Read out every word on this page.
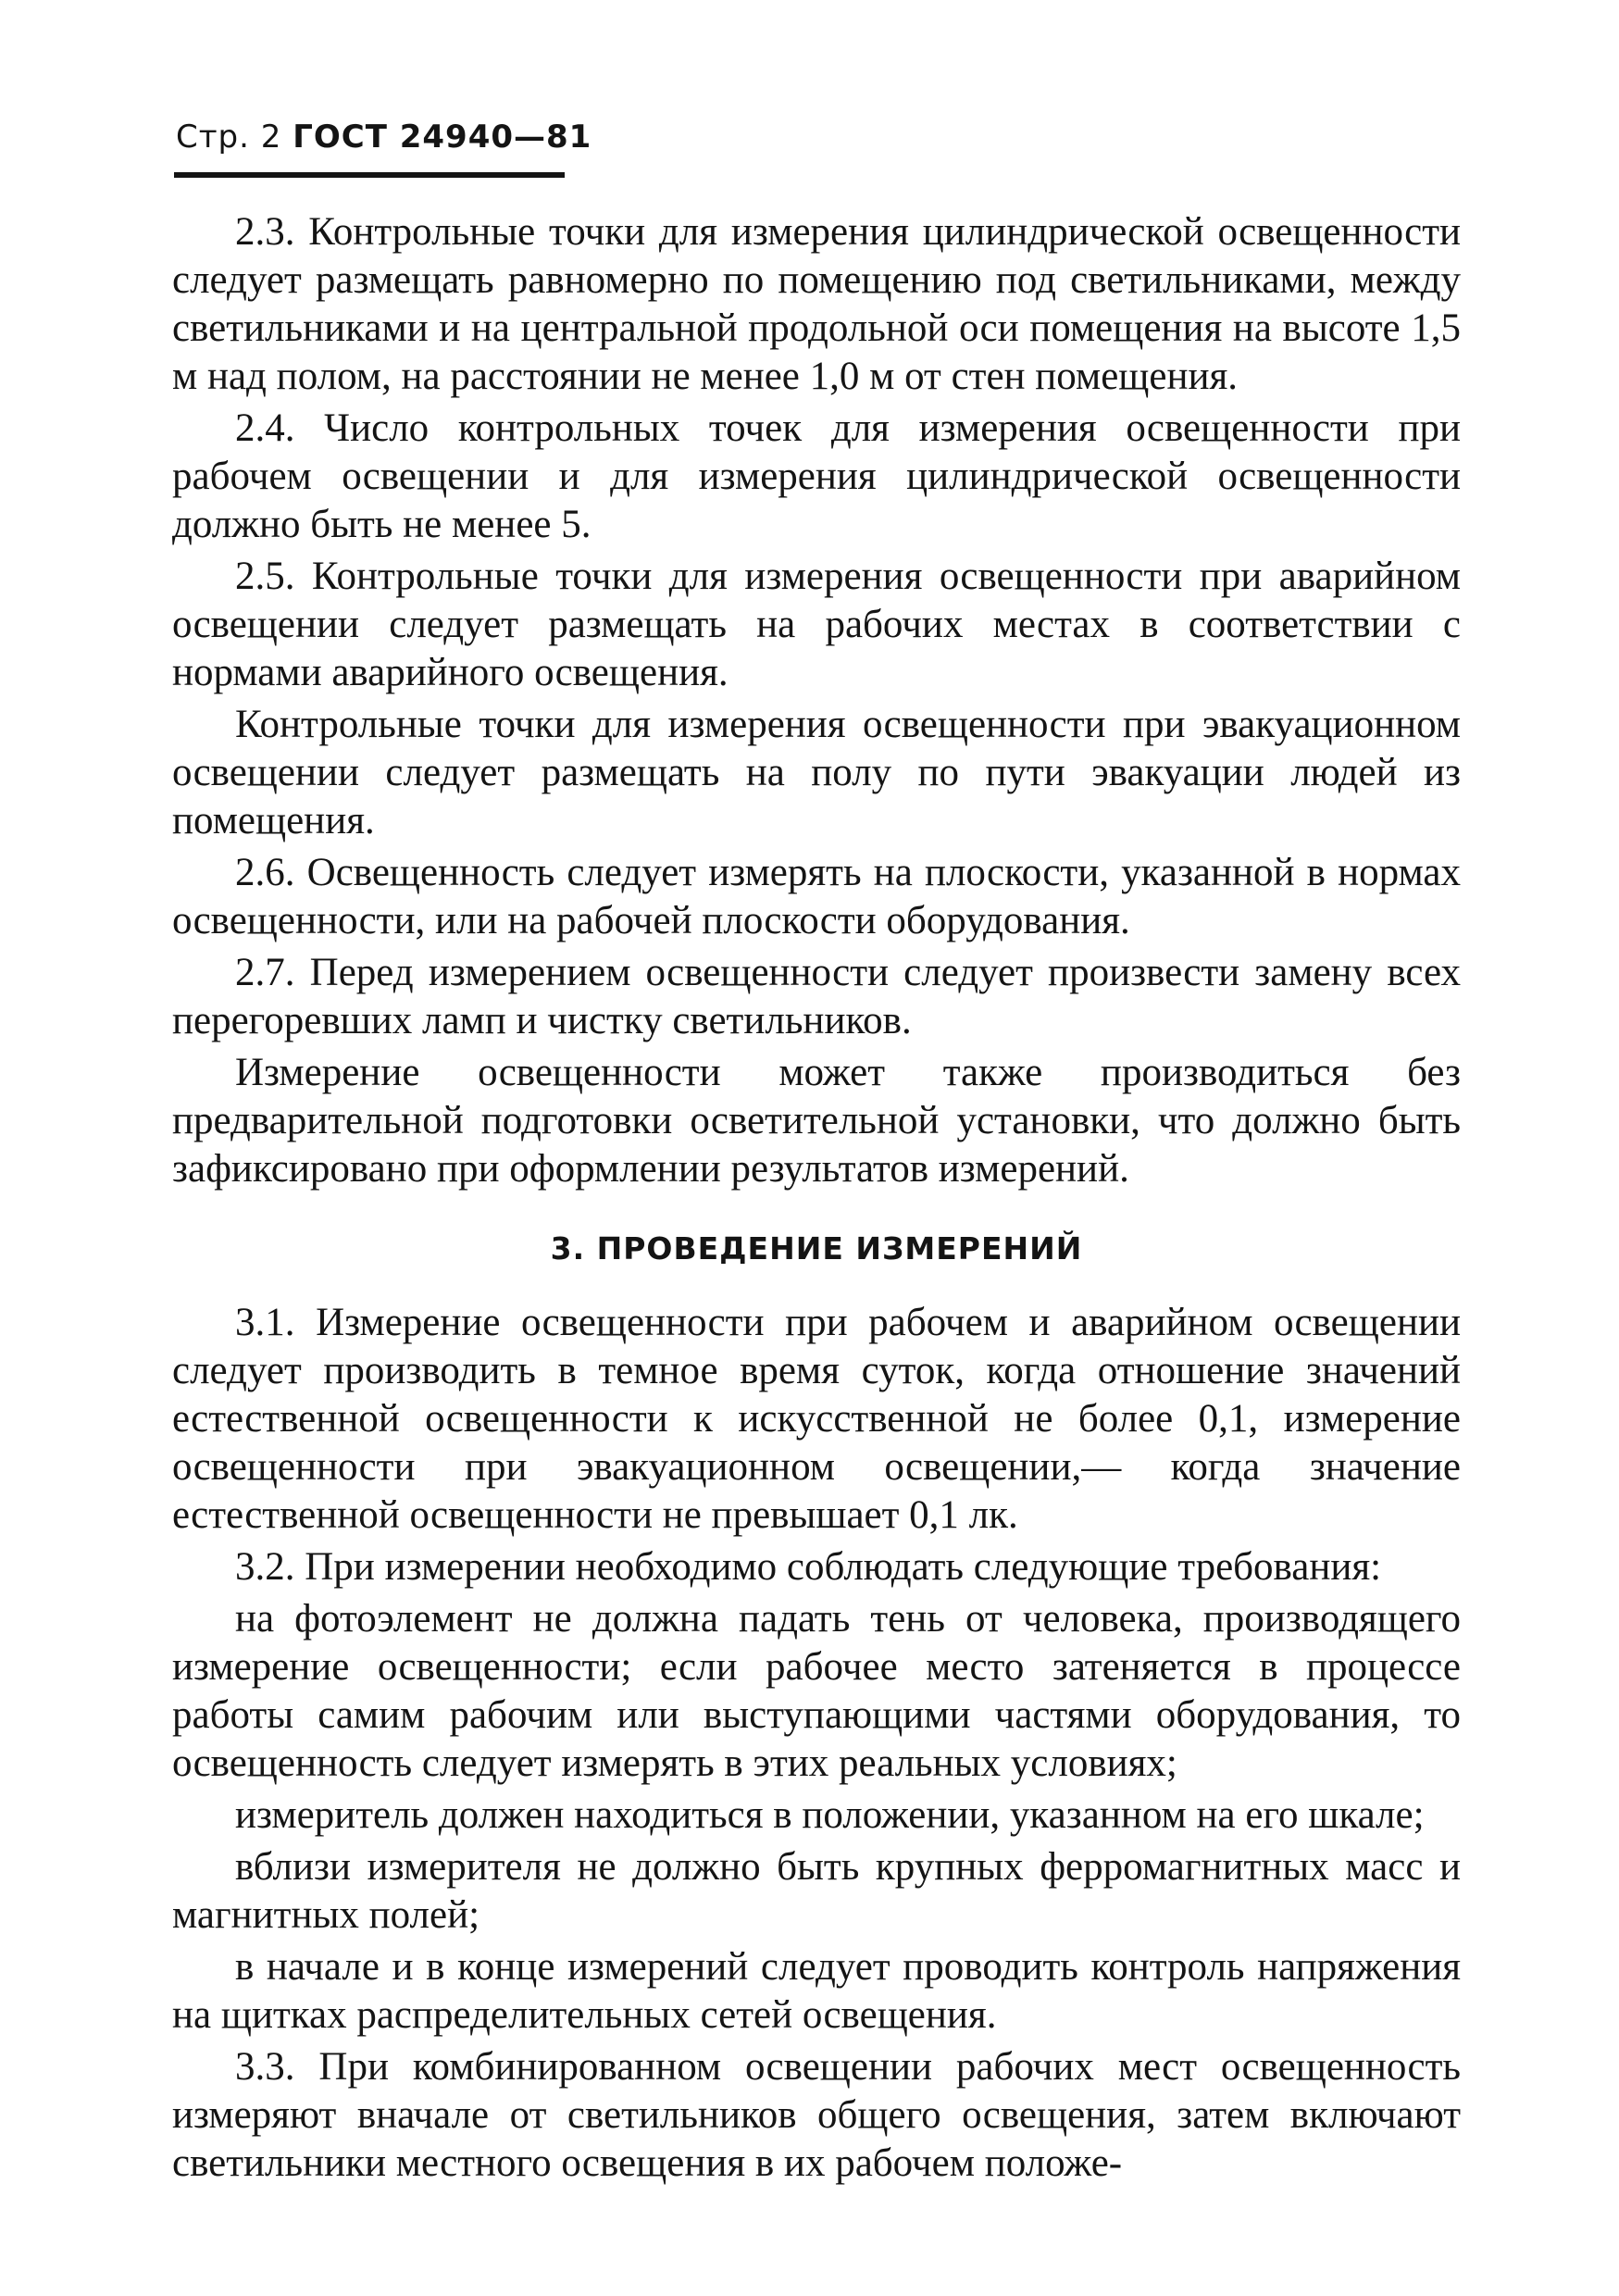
Стр. 2 ГОСТ 24940—81

2.3. Контрольные точки для измерения цилиндрической освещенности следует размещать равномерно по помещению под светильниками, между светильниками и на центральной продольной оси помещения на высоте 1,5 м над полом, на расстоянии не менее 1,0 м от стен помещения.

2.4. Число контрольных точек для измерения освещенности при рабочем освещении и для измерения цилиндрической освещенности должно быть не менее 5.

2.5. Контрольные точки для измерения освещенности при аварийном освещении следует размещать на рабочих местах в соответствии с нормами аварийного освещения.

Контрольные точки для измерения освещенности при эвакуационном освещении следует размещать на полу по пути эвакуации людей из помещения.

2.6. Освещенность следует измерять на плоскости, указанной в нормах освещенности, или на рабочей плоскости оборудования.

2.7. Перед измерением освещенности следует произвести замену всех перегоревших ламп и чистку светильников.

Измерение освещенности может также производиться без предварительной подготовки осветительной установки, что должно быть зафиксировано при оформлении результатов измерений.

3. ПРОВЕДЕНИЕ ИЗМЕРЕНИЙ

3.1. Измерение освещенности при рабочем и аварийном освещении следует производить в темное время суток, когда отношение значений естественной освещенности к искусственной не более 0,1, измерение освещенности при эвакуационном освещении,— когда значение естественной освещенности не превышает 0,1 лк.

3.2. При измерении необходимо соблюдать следующие требования:

на фотоэлемент не должна падать тень от человека, производящего измерение освещенности; если рабочее место затеняется в процессе работы самим рабочим или выступающими частями оборудования, то освещенность следует измерять в этих реальных условиях;

измеритель должен находиться в положении, указанном на его шкале;

вблизи измерителя не должно быть крупных ферромагнитных масс и магнитных полей;

в начале и в конце измерений следует проводить контроль напряжения на щитках распределительных сетей освещения.

3.3. При комбинированном освещении рабочих мест освещенность измеряют вначале от светильников общего освещения, затем включают светильники местного освещения в их рабочем положе-
